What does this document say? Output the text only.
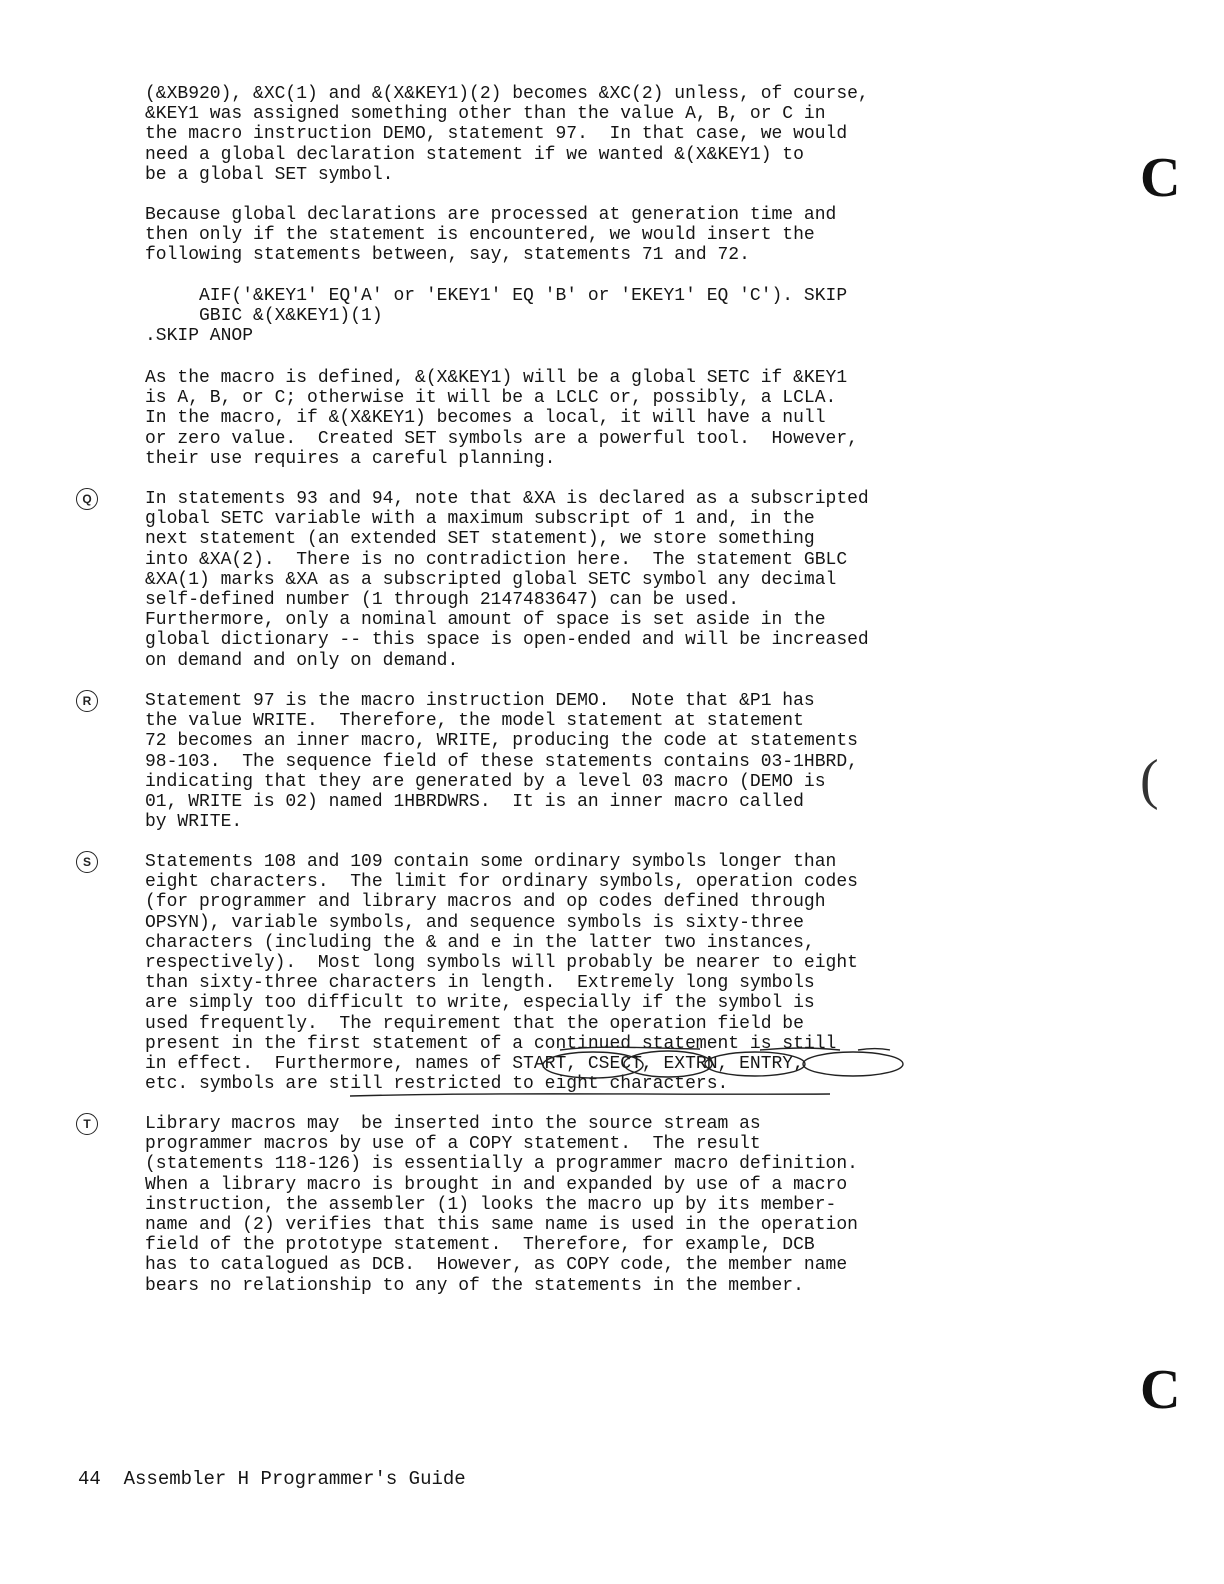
C
(
C
(&XB920), &XC(1) and &(X&KEY1)(2) becomes &XC(2) unless, of course,
&KEY1 was assigned something other than the value A, B, or C in
the macro instruction DEMO, statement 97.  In that case, we would
need a global declaration statement if we wanted &(X&KEY1) to
be a global SET symbol.
Because global declarations are processed at generation time and
then only if the statement is encountered, we would insert the
following statements between, say, statements 71 and 72.
AIF('&KEY1' EQ'A' or 'EKEY1' EQ 'B' or 'EKEY1' EQ 'C'). SKIP
GBIC &(X&KEY1)(1)
.SKIP ANOP
As the macro is defined, &(X&KEY1) will be a global SETC if &KEY1
is A, B, or C; otherwise it will be a LCLC or, possibly, a LCLA.
In the macro, if &(X&KEY1) becomes a local, it will have a null
or zero value.  Created SET symbols are a powerful tool.  However,
their use requires a careful planning.
Q	In statements 93 and 94, note that &XA is declared as a subscripted
global SETC variable with a maximum subscript of 1 and, in the
next statement (an extended SET statement), we store something
into &XA(2).  There is no contradiction here.  The statement GBLC
&XA(1) marks &XA as a subscripted global SETC symbol any decimal
self-defined number (1 through 2147483647) can be used.
Furthermore, only a nominal amount of space is set aside in the
global dictionary -- this space is open-ended and will be increased
on demand and only on demand.
R	Statement 97 is the macro instruction DEMO.  Note that &P1 has
the value WRITE.  Therefore, the model statement at statement
72 becomes an inner macro, WRITE, producing the code at statements
98-103.  The sequence field of these statements contains 03-1HBRD,
indicating that they are generated by a level 03 macro (DEMO is
01, WRITE is 02) named 1HBRDWRS.  It is an inner macro called
by WRITE.
S	Statements 108 and 109 contain some ordinary symbols longer than
eight characters.  The limit for ordinary symbols, operation codes
(for programmer and library macros and op codes defined through
OPSYN), variable symbols, and sequence symbols is sixty-three
characters (including the & and e in the latter two instances,
respectively).  Most long symbols will probably be nearer to eight
than sixty-three characters in length.  Extremely long symbols
are simply too difficult to write, especially if the symbol is
used frequently.  The requirement that the operation field be
present in the first statement of a continued statement is still
in effect.  Furthermore, names of START, CSECT, EXTRN, ENTRY,
etc. symbols are still restricted to eight characters.
T	Library macros may  be inserted into the source stream as
programmer macros by use of a COPY statement.  The result
(statements 118-126) is essentially a programmer macro definition.
When a library macro is brought in and expanded by use of a macro
instruction, the assembler (1) looks the macro up by its member-
name and (2) verifies that this same name is used in the operation
field of the prototype statement.  Therefore, for example, DCB
has to catalogued as DCB.  However, as COPY code, the member name
bears no relationship to any of the statements in the member.
44 Assembler H Programmer's Guide
